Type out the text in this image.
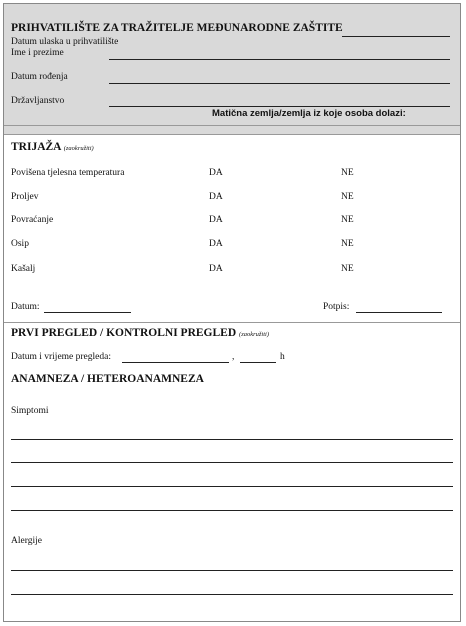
PRIHVATILIŠTE ZA TRAŽITELJE MEĐUNARODNE ZAŠTITE
Datum ulaska u prihvatilište
Ime i prezime
Datum rođenja
Državljanstvo
Matična zemlja/zemlja iz koje osoba dolazi:
TRIJAŽA (zaokružiti)
Povišena tjelesna temperatura	DA	NE
Proljev	DA	NE
Povraćanje	DA	NE
Osip	DA	NE
Kašalj	DA	NE
Datum:	Potpis:
PRVI PREGLED / KONTROLNI PREGLED (zaokružiti)
Datum i vrijeme pregleda:	,	h
ANAMNEZA / HETEROANAMNEZA
Simptomi
Alergije
